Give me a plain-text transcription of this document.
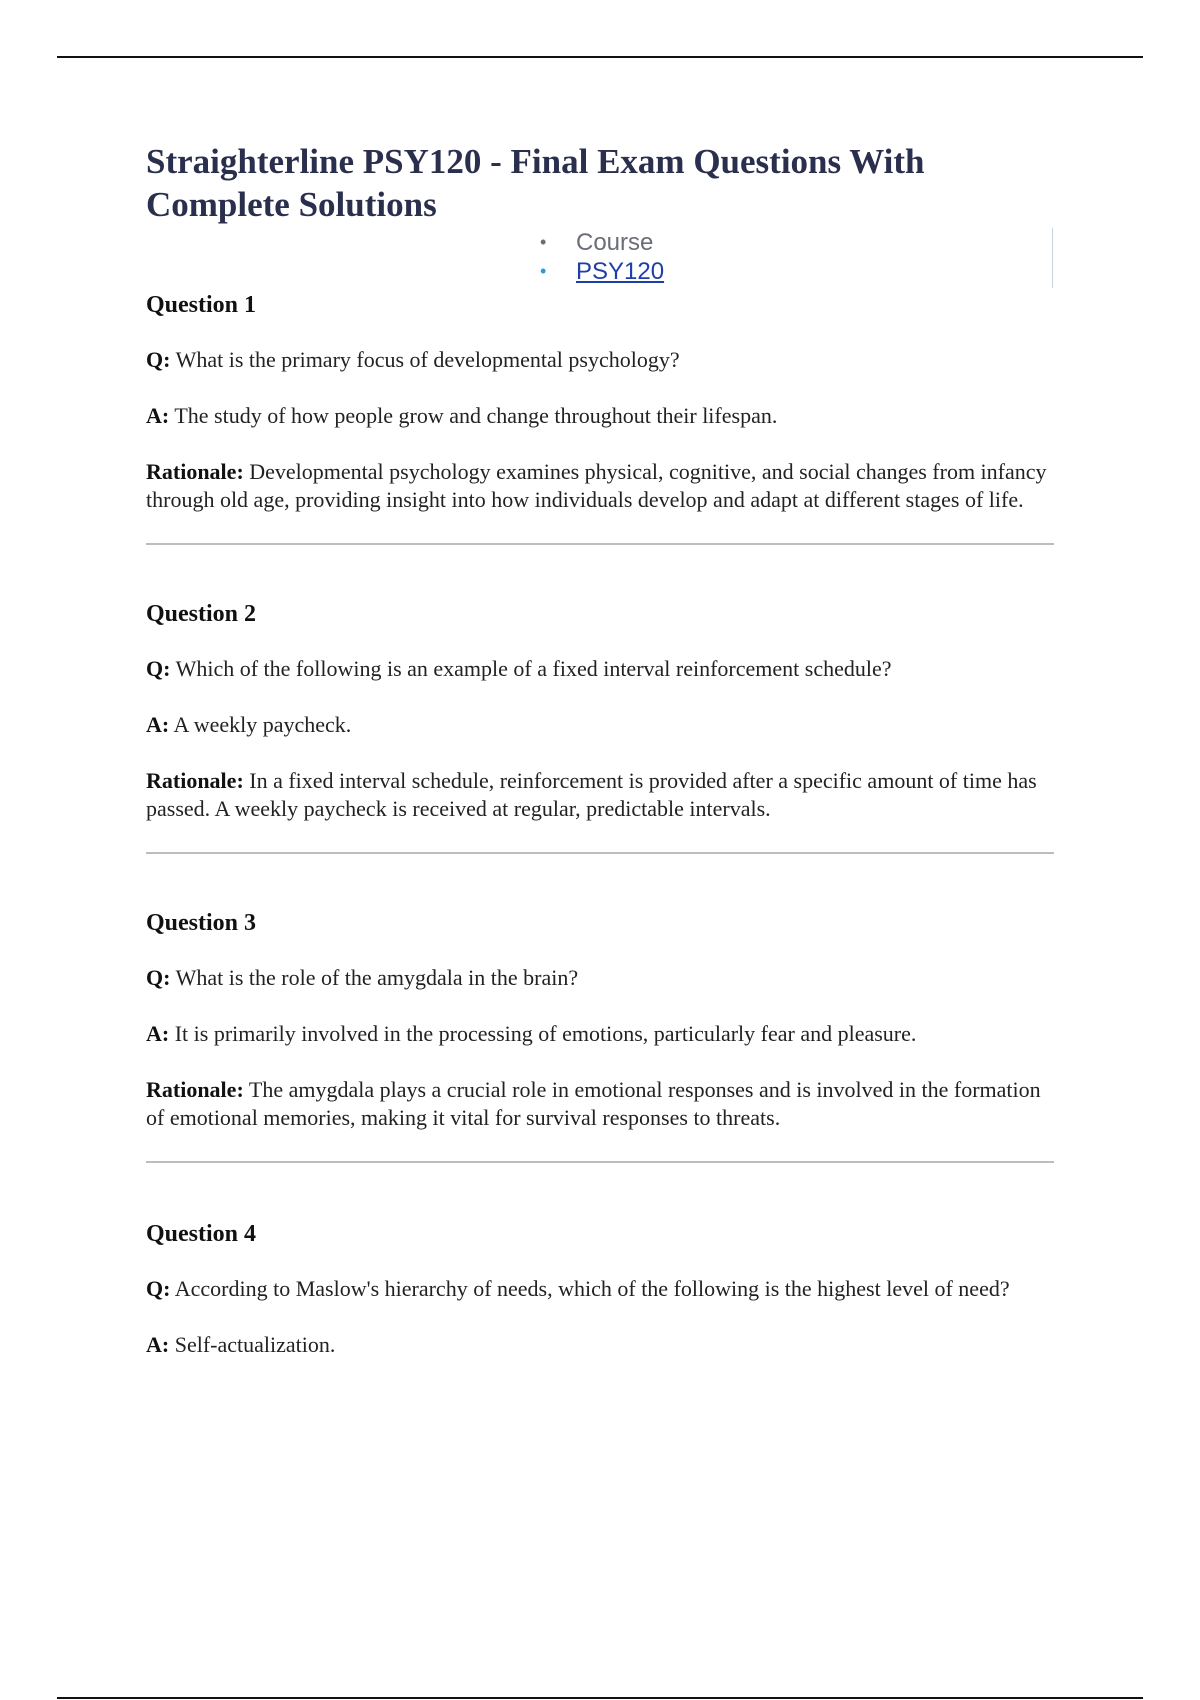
Straighterline PSY120 - Final Exam Questions With Complete Solutions
• Course
• PSY120
Question 1

Q: What is the primary focus of developmental psychology?

A: The study of how people grow and change throughout their lifespan.

Rationale: Developmental psychology examines physical, cognitive, and social changes from infancy through old age, providing insight into how individuals develop and adapt at different stages of life.

Question 2

Q: Which of the following is an example of a fixed interval reinforcement schedule?

A: A weekly paycheck.

Rationale: In a fixed interval schedule, reinforcement is provided after a specific amount of time has passed. A weekly paycheck is received at regular, predictable intervals.

Question 3

Q: What is the role of the amygdala in the brain?

A: It is primarily involved in the processing of emotions, particularly fear and pleasure.

Rationale: The amygdala plays a crucial role in emotional responses and is involved in the formation of emotional memories, making it vital for survival responses to threats.

Question 4

Q: According to Maslow's hierarchy of needs, which of the following is the highest level of need?

A: Self-actualization.
